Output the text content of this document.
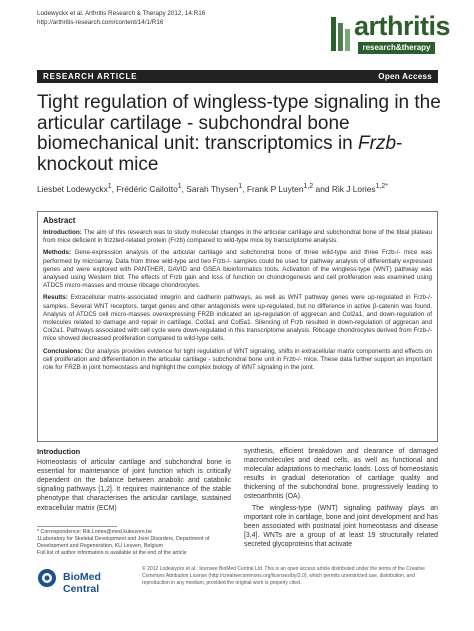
Lodewyckx et al. Arthritis Research & Therapy 2012, 14:R16
http://arthritis-research.com/content/14/1/R16	arthritis
research&therapy
RESEARCH ARTICLE	Open Access
Tight regulation of wingless-type signaling in the
articular cartilage - subchondral bone
biomechanical unit: transcriptomics in Frzb-
knockout mice
Liesbet Lodewyckx$^1$, Frédéric Cailotto$^1$, Sarah Thysen$^1$, Frank P Luyten$^{1,2}$ and Rik J Lories$^{1,2*}$
Abstract

Introduction: The aim of this research was to study molecular changes in the articular cartilage and subchondral bone of the tibial plateau from mice deficient in frizzled-related protein (Frzb) compared to wild-type mice by transcriptome analysis.

Methods: Gene-expression analysis of the articular cartilage and subchondral bone of three wild-type and three Frzb-/- mice was performed by microarray. Data from three wild-type and two Frzb-/- samples could be used for pathway analysis of differentially expressed genes and were explored with PANTHER, DAVID and GSEA bioinformatics tools. Activation of the wingless-type (WNT) pathway was analysed using Western blot. The effects of Frzb gain and loss of function on chondrogenesis and cell proliferation was examined using ATDC5 micro-masses and mouse ribcage chondrocytes.

Results: Extracellular matrix-associated integrin and cadherin pathways, as well as WNT pathway genes were up-regulated in Frzb-/- samples. Several WNT receptors, target genes and other antagonists were up-regulated, but no difference in active β-catenin was found. Analysis of ATDC5 cell micro-masses overexpressing FRZB indicated an up-regulation of aggrecan and Col2a1, and down-regulation of molecules related to damage and repair in cartilage, Col3a1 and Col5a1. Silencing of Frzb resulted in down-regulation of aggrecan and Col2a1. Pathways associated with cell cycle were down-regulated in this transcriptome analysis. Ribcage chondrocytes derived from Frzb-/- mice showed decreased proliferation compared to wild-type cells.

Conclusions: Our analysis provides evidence for tight regulation of WNT signaling, shifts in extracellular matrix components and effects on cell proliferation and differentiation in the articular cartilage - subchondral bone unit in Frzb-/- mice. These data further support an important role for FRZB in joint homeostasis and highlight the complex biology of WNT signaling in the joint.

Introduction

Homeostasis of articular cartilage and subchondral bone is essential for maintenance of joint function which is critically dependent on the balance between anabolic and catabolic signaling pathways [1,2]. It requires maintenance of the stable phenotype that characterises the articular cartilage, sustained extracellular matrix (ECM)

synthesis, efficient breakdown and clearance of damaged macromolecules and dead cells, as well as functional and molecular adaptations to mechanic loads. Loss of homeostasis results in gradual deterioration of cartilage quality and thickening of the subchondral bone, progressively leading to osteoarthritis (OA).

The wingless-type (WNT) signaling pathway plays an important role in cartilage, bone and joint development and has been associated with postnatal joint homeostasis and disease [3,4]. WNTs are a group of at least 19 structurally related secreted glycoproteins that activate

* Correspondence: Rik.Lories@med.kuleuven.be
1Laboratory for Skeletal Development and Joint Disorders, Department of Development and Regeneration, KU Leuven, Belgium
Full list of author information is available at the end of the article
BioMed Central
© 2012 Lodewyckx et al.; licensee BioMed Central Ltd. This is an open access article distributed under the terms of the Creative Commons Attribution License (http://creativecommons.org/licenses/by/2.0), which permits unrestricted use, distribution, and reproduction in any medium, provided the original work is properly cited.
